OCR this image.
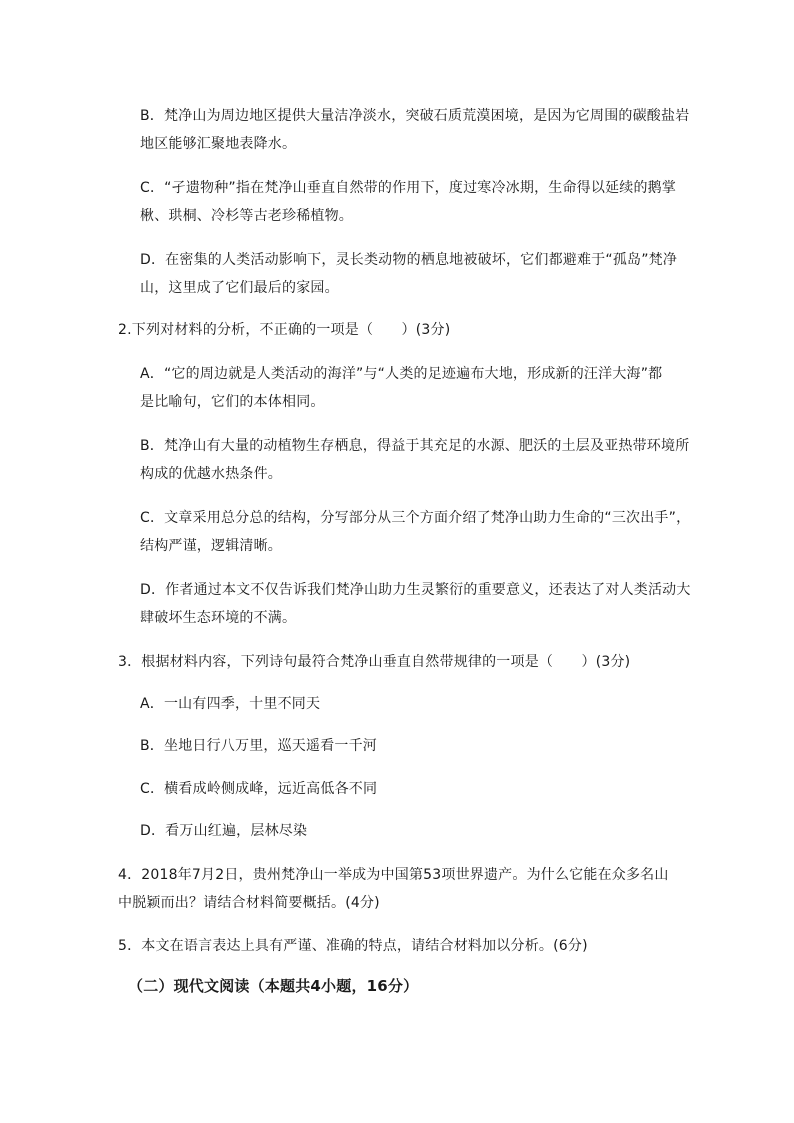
B．梵净山为周边地区提供大量洁净淡水，突破石质荒漠困境，是因为它周围的碳酸盐岩
地区能够汇聚地表降水。
C．“孑遗物种”指在梵净山垂直自然带的作用下，度过寒冷冰期，生命得以延续的鹅掌
楸、珙桐、冷杉等古老珍稀植物。
D．在密集的人类活动影响下，灵长类动物的栖息地被破坏，它们都避难于“孤岛”梵净
山，这里成了它们最后的家园。
2.下列对材料的分析，不正确的一项是（　　）(3分)
A．“它的周边就是人类活动的海洋”与“人类的足迹遍布大地，形成新的汪洋大海”都
是比喻句，它们的本体相同。
B．梵净山有大量的动植物生存栖息，得益于其充足的水源、肥沃的土层及亚热带环境所
构成的优越水热条件。
C．文章采用总分总的结构，分写部分从三个方面介绍了梵净山助力生命的“三次出手”，
结构严谨，逻辑清晰。
D．作者通过本文不仅告诉我们梵净山助力生灵繁衍的重要意义，还表达了对人类活动大
肆破坏生态环境的不满。
3．根据材料内容，下列诗句最符合梵净山垂直自然带规律的一项是（　　）(3分)
A．一山有四季，十里不同天
B．坐地日行八万里，巡天遥看一千河
C．横看成岭侧成峰，远近高低各不同
D．看万山红遍，层林尽染
4．2018年7月2日，贵州梵净山一举成为中国第53项世界遗产。为什么它能在众多名山
中脱颖而出？请结合材料简要概括。(4分)
5．本文在语言表达上具有严谨、准确的特点，请结合材料加以分析。(6分)
（二）现代文阅读（本题共4小题，16分）
